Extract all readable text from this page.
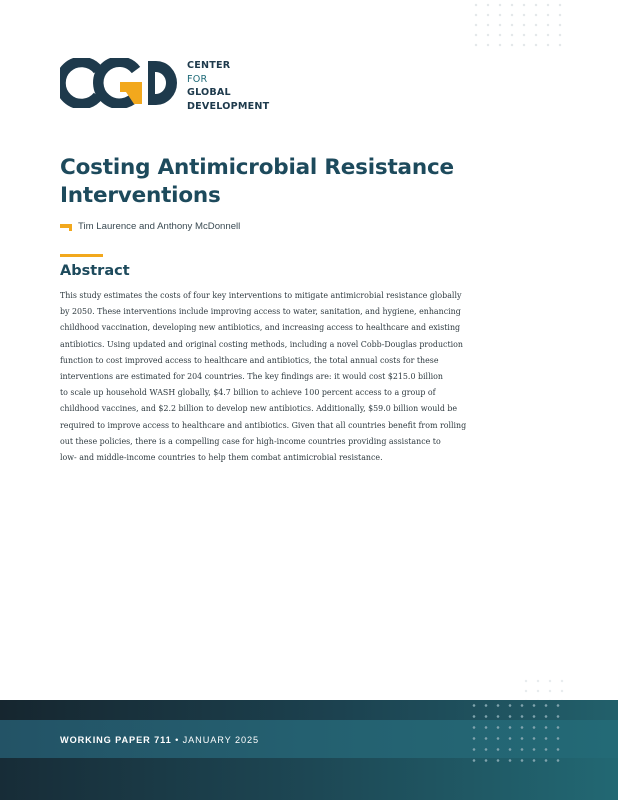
CENTER
FOR
GLOBAL
DEVELOPMENT
Costing Antimicrobial Resistance Interventions
Tim Laurence and Anthony McDonnell
Abstract
This study estimates the costs of four key interventions to mitigate antimicrobial resistance globally
by 2050. These interventions include improving access to water, sanitation, and hygiene, enhancing
childhood vaccination, developing new antibiotics, and increasing access to healthcare and existing
antibiotics. Using updated and original costing methods, including a novel Cobb-Douglas production
function to cost improved access to healthcare and antibiotics, the total annual costs for these
interventions are estimated for 204 countries. The key findings are: it would cost $215.0 billion
to scale up household WASH globally, $4.7 billion to achieve 100 percent access to a group of
childhood vaccines, and $2.2 billion to develop new antibiotics. Additionally, $59.0 billion would be
required to improve access to healthcare and antibiotics. Given that all countries benefit from rolling
out these policies, there is a compelling case for high-income countries providing assistance to
low- and middle-income countries to help them combat antimicrobial resistance.
WORKING PAPER 711 • JANUARY 2025
